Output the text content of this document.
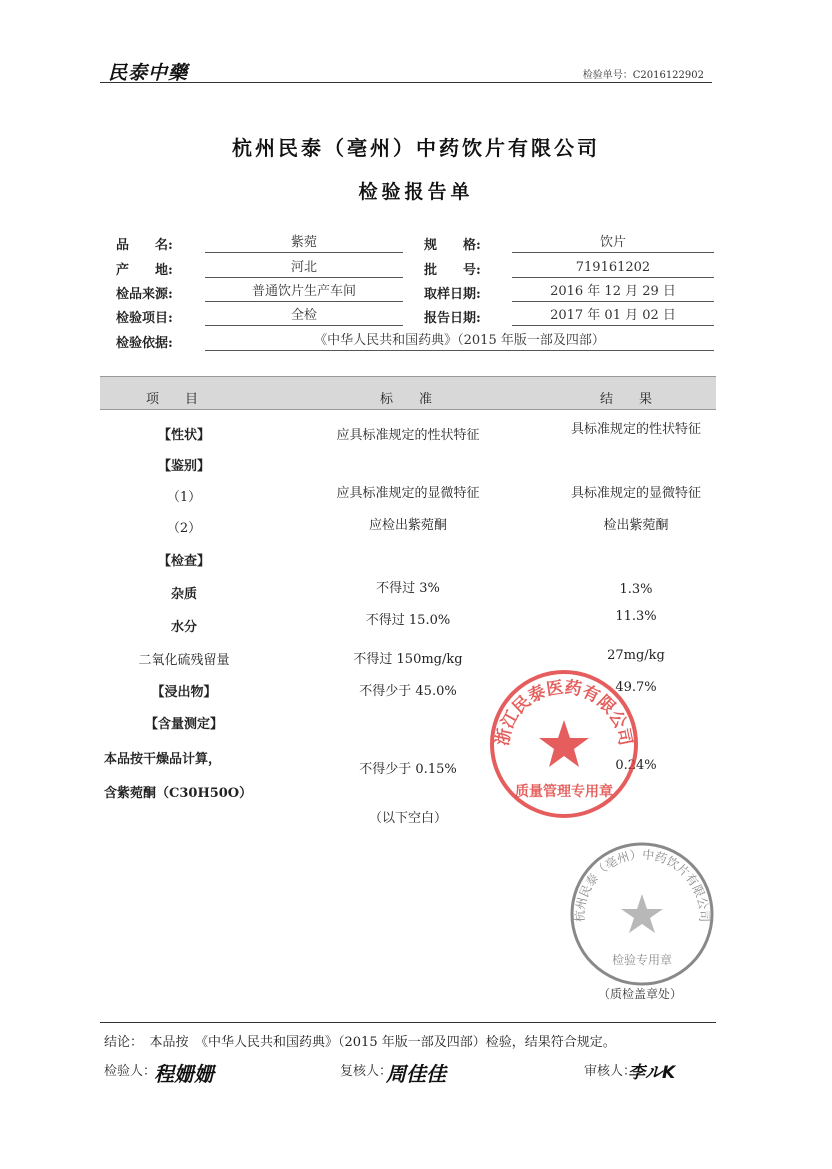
民泰中藥	检验单号：C2016122902
杭州民泰（亳州）中药饮片有限公司
检验报告单
品　　名:	紫菀	规　　格:	饮片
产　　地:	河北	批　　号:	719161202
检品来源:	普通饮片生产车间	取样日期:	2016 年 12 月 29 日
检验项目:	全检	报告日期:	2017 年 01 月 02 日
检验依据:	《中华人民共和国药典》（2015 年版一部及四部）
项　　目	标　　准	结　　果
【性状】	应具标准规定的性状特征	具标准规定的性状特征
【鉴别】
（1）	应具标准规定的显微特征	具标准规定的显微特征
（2）	应检出紫菀酮	检出紫菀酮
【检查】
杂质	不得过 3%	1.3%
水分	不得过 15.0%	11.3%
二氧化硫残留量	不得过 150mg/kg	27mg/kg
【浸出物】	不得少于 45.0%	49.7%
【含量测定】
本品按干燥品计算，
含紫菀酮（C30H50O）
不得少于 0.15%	0.24%
（以下空白）
浙江民泰医药有限公司
质量管理专用章
杭州民泰（亳州）中药饮片有限公司
检验专用章
（质检盖章处）
结论：　本品按　《中华人民共和国药典》（2015 年版一部及四部）检验，结果符合规定。
检验人：
程姗姗	复核人：
周佳佳	审核人：
李ルK
